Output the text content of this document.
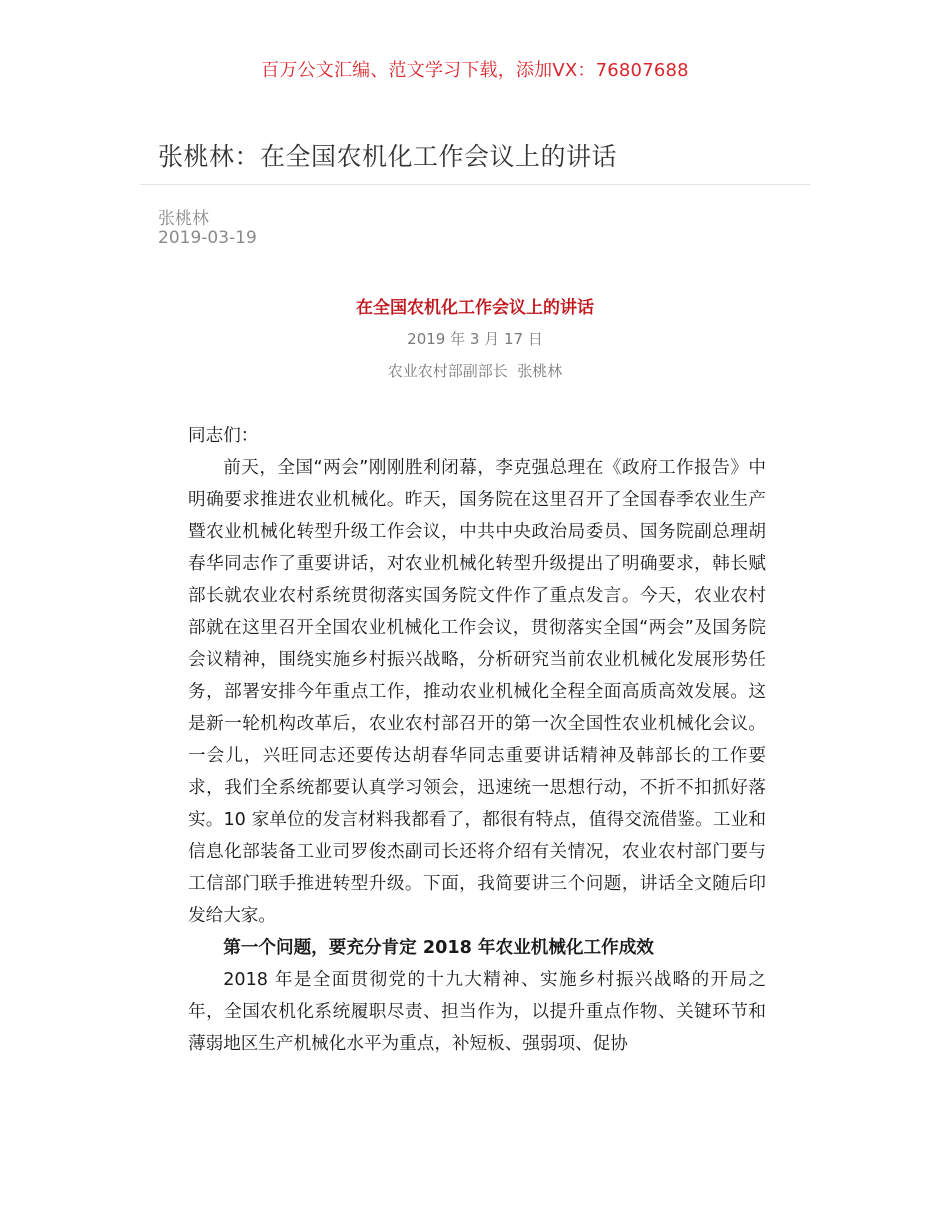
百万公文汇编、范文学习下载，添加VX：76807688
张桃林：在全国农机化工作会议上的讲话
张桃林
2019-03-19
在全国农机化工作会议上的讲话
2019 年 3 月 17 日
农业农村部副部长  张桃林

同志们：

前天，全国“两会”刚刚胜利闭幕，李克强总理在《政府工作报告》中明确要求推进农业机械化。昨天，国务院在这里召开了全国春季农业生产暨农业机械化转型升级工作会议，中共中央政治局委员、国务院副总理胡春华同志作了重要讲话，对农业机械化转型升级提出了明确要求，韩长赋部长就农业农村系统贯彻落实国务院文件作了重点发言。今天，农业农村部就在这里召开全国农业机械化工作会议，贯彻落实全国“两会”及国务院会议精神，围绕实施乡村振兴战略，分析研究当前农业机械化发展形势任务，部署安排今年重点工作，推动农业机械化全程全面高质高效发展。这是新一轮机构改革后，农业农村部召开的第一次全国性农业机械化会议。一会儿，兴旺同志还要传达胡春华同志重要讲话精神及韩部长的工作要求，我们全系统都要认真学习领会，迅速统一思想行动，不折不扣抓好落实。10 家单位的发言材料我都看了，都很有特点，值得交流借鉴。工业和信息化部装备工业司罗俊杰副司长还将介绍有关情况，农业农村部门要与工信部门联手推进转型升级。下面，我简要讲三个问题，讲话全文随后印发给大家。

第一个问题，要充分肯定 2018 年农业机械化工作成效

2018 年是全面贯彻党的十九大精神、实施乡村振兴战略的开局之年，全国农机化系统履职尽责、担当作为，以提升重点作物、关键环节和薄弱地区生产机械化水平为重点，补短板、强弱项、促协
